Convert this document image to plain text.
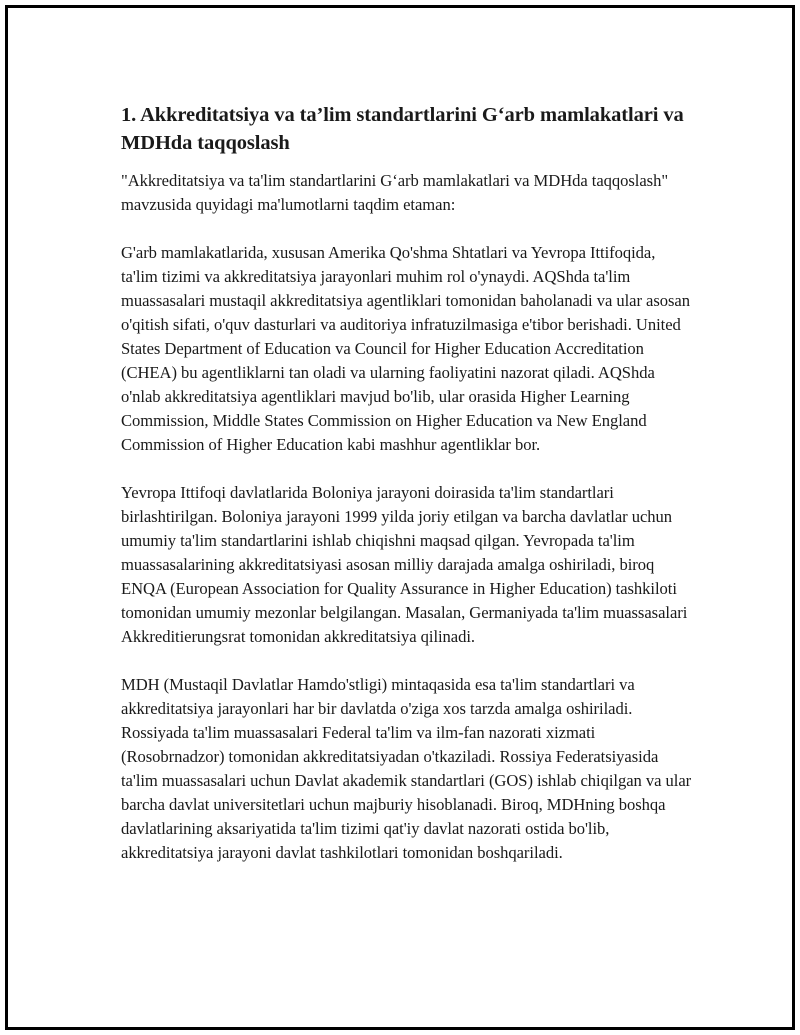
1. Akkreditatsiya va ta’lim standartlarini G‘arb mamlakatlari va MDHda taqqoslash

"Akkreditatsiya va ta'lim standartlarini G‘arb mamlakatlari va MDHda taqqoslash" mavzusida quyidagi ma'lumotlarni taqdim etaman:

G'arb mamlakatlarida, xususan Amerika Qo'shma Shtatlari va Yevropa Ittifoqida, ta'lim tizimi va akkreditatsiya jarayonlari muhim rol o'ynaydi. AQShda ta'lim muassasalari mustaqil akkreditatsiya agentliklari tomonidan baholanadi va ular asosan o'qitish sifati, o'quv dasturlari va auditoriya infratuzilmasiga e'tibor berishadi. United States Department of Education va Council for Higher Education Accreditation (CHEA) bu agentliklarni tan oladi va ularning faoliyatini nazorat qiladi. AQShda o'nlab akkreditatsiya agentliklari mavjud bo'lib, ular orasida Higher Learning Commission, Middle States Commission on Higher Education va New England Commission of Higher Education kabi mashhur agentliklar bor.

Yevropa Ittifoqi davlatlarida Boloniya jarayoni doirasida ta'lim standartlari birlashtirilgan. Boloniya jarayoni 1999 yilda joriy etilgan va barcha davlatlar uchun umumiy ta'lim standartlarini ishlab chiqishni maqsad qilgan. Yevropada ta'lim muassasalarining akkreditatsiyasi asosan milliy darajada amalga oshiriladi, biroq ENQA (European Association for Quality Assurance in Higher Education) tashkiloti tomonidan umumiy mezonlar belgilangan. Masalan, Germaniyada ta'lim muassasalari Akkreditierungsrat tomonidan akkreditatsiya qilinadi.

MDH (Mustaqil Davlatlar Hamdo'stligi) mintaqasida esa ta'lim standartlari va akkreditatsiya jarayonlari har bir davlatda o'ziga xos tarzda amalga oshiriladi. Rossiyada ta'lim muassasalari Federal ta'lim va ilm-fan nazorati xizmati (Rosobrnadzor) tomonidan akkreditatsiyadan o'tkaziladi. Rossiya Federatsiyasida ta'lim muassasalari uchun Davlat akademik standartlari (GOS) ishlab chiqilgan va ular barcha davlat universitetlari uchun majburiy hisoblanadi. Biroq, MDHning boshqa davlatlarining aksariyatida ta'lim tizimi qat'iy davlat nazorati ostida bo'lib, akkreditatsiya jarayoni davlat tashkilotlari tomonidan boshqariladi.
